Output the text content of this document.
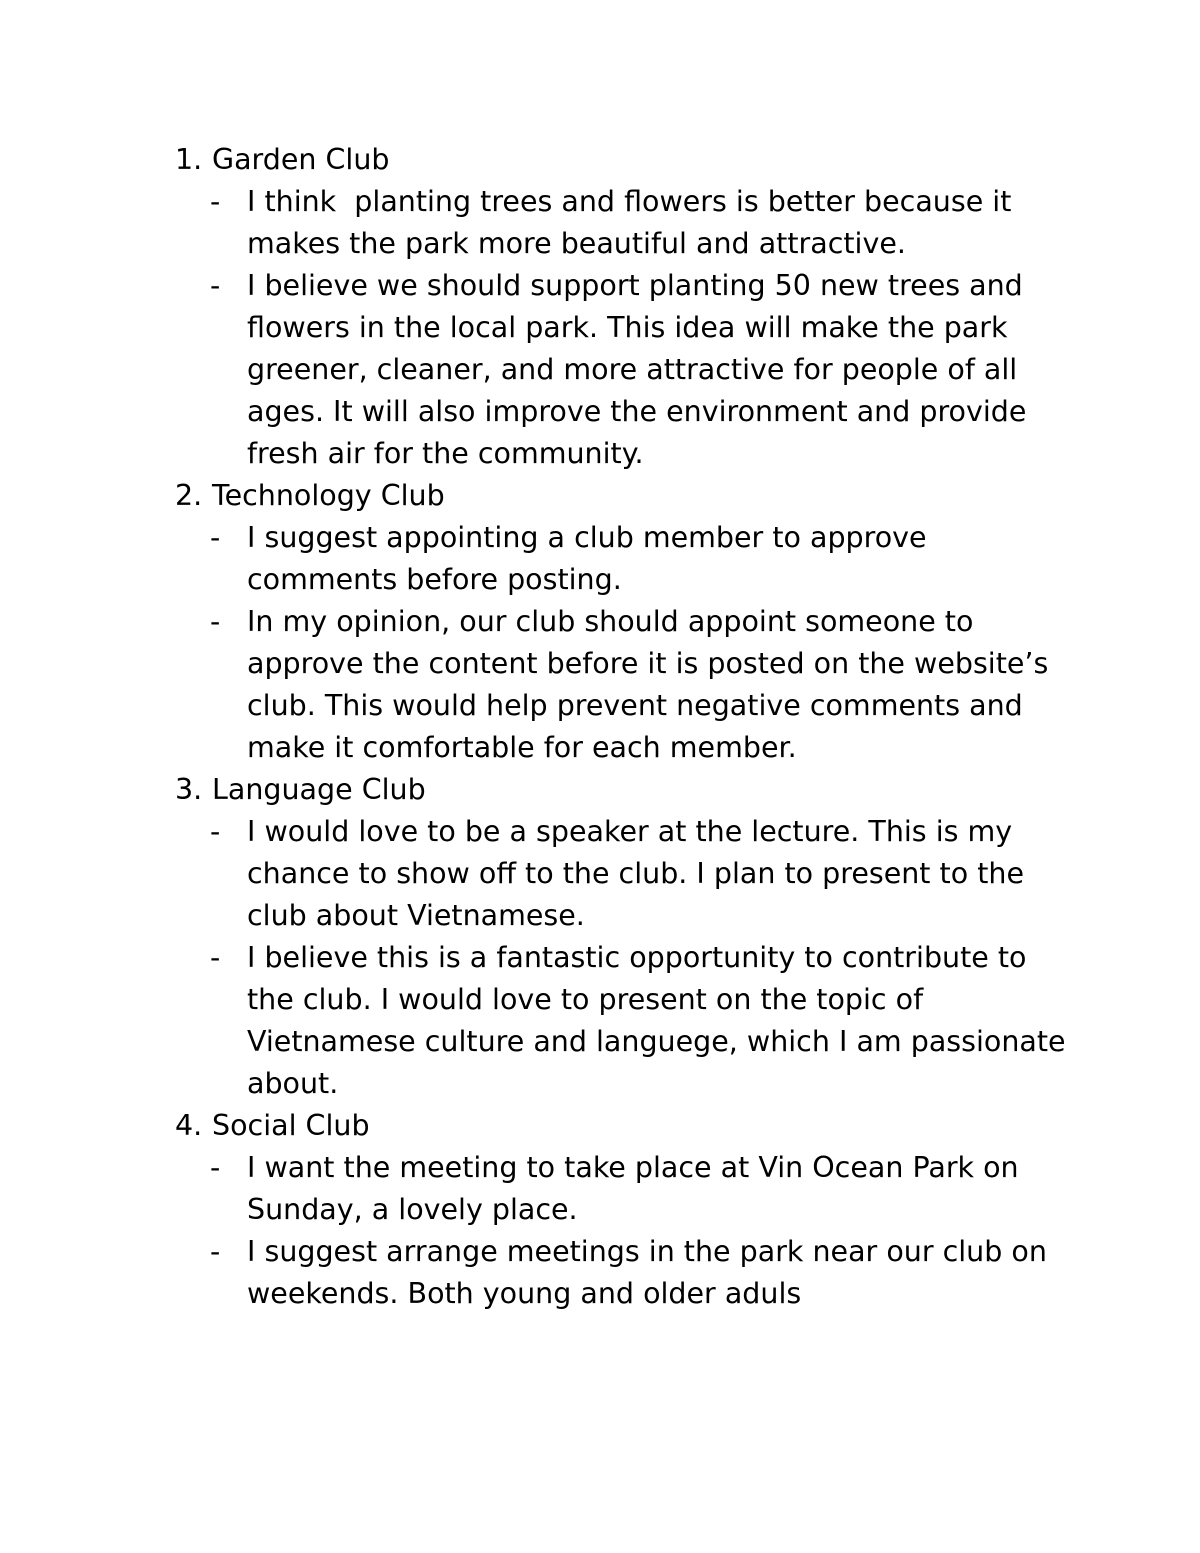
1. Garden Club
- I think  planting trees and flowers is better because it makes the park more beautiful and attractive.
- I believe we should support planting 50 new trees and flowers in the local park. This idea will make the park greener, cleaner, and more attractive for people of all ages. It will also improve the environment and provide fresh air for the community.
2. Technology Club
- I suggest appointing a club member to approve comments before posting.
- In my opinion, our club should appoint someone to approve the content before it is posted on the website’s club. This would help prevent negative comments and make it comfortable for each member.
3. Language Club
- I would love to be a speaker at the lecture. This is my chance to show off to the club. I plan to present to the club about Vietnamese.
- I believe this is a fantastic opportunity to contribute to the club. I would love to present on the topic of Vietnamese culture and languege, which I am passionate about.
4. Social Club
- I want the meeting to take place at Vin Ocean Park on Sunday, a lovely place.
- I suggest arrange meetings in the park near our club on weekends. Both young and older aduls
